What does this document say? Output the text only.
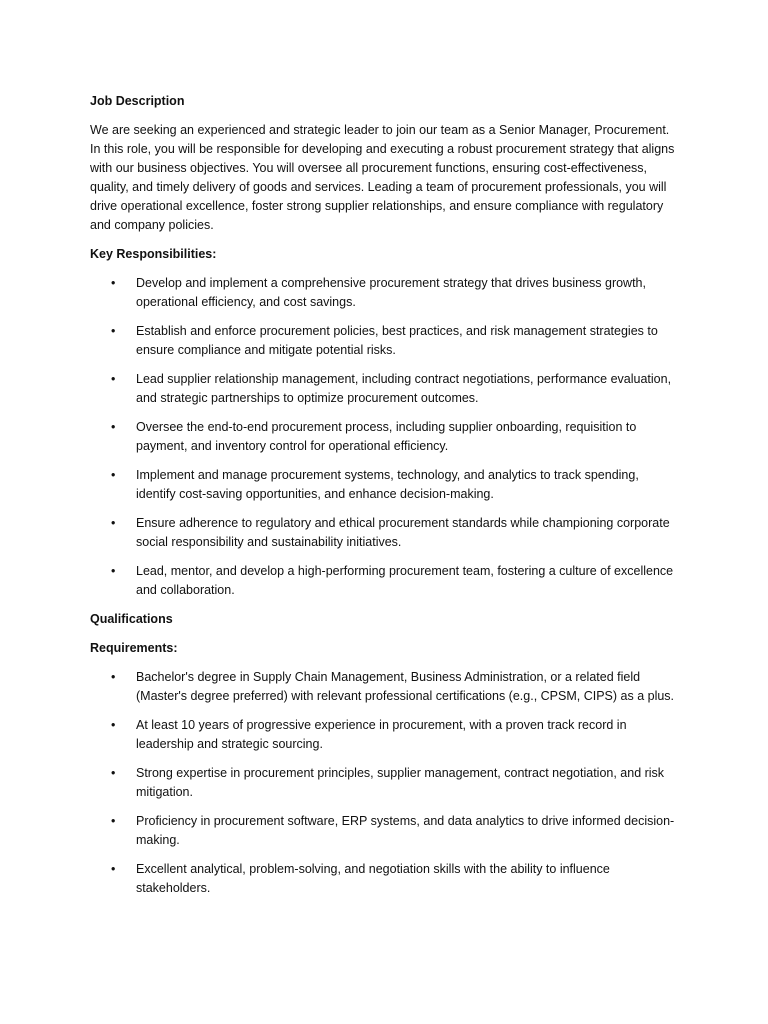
Job Description
We are seeking an experienced and strategic leader to join our team as a Senior Manager, Procurement. In this role, you will be responsible for developing and executing a robust procurement strategy that aligns with our business objectives. You will oversee all procurement functions, ensuring cost-effectiveness, quality, and timely delivery of goods and services. Leading a team of procurement professionals, you will drive operational excellence, foster strong supplier relationships, and ensure compliance with regulatory and company policies.
Key Responsibilities:
• Develop and implement a comprehensive procurement strategy that drives business growth, operational efficiency, and cost savings.
• Establish and enforce procurement policies, best practices, and risk management strategies to ensure compliance and mitigate potential risks.
• Lead supplier relationship management, including contract negotiations, performance evaluation, and strategic partnerships to optimize procurement outcomes.
• Oversee the end-to-end procurement process, including supplier onboarding, requisition to payment, and inventory control for operational efficiency.
• Implement and manage procurement systems, technology, and analytics to track spending, identify cost-saving opportunities, and enhance decision-making.
• Ensure adherence to regulatory and ethical procurement standards while championing corporate social responsibility and sustainability initiatives.
• Lead, mentor, and develop a high-performing procurement team, fostering a culture of excellence and collaboration.
Qualifications
Requirements:
• Bachelor's degree in Supply Chain Management, Business Administration, or a related field (Master's degree preferred) with relevant professional certifications (e.g., CPSM, CIPS) as a plus.
• At least 10 years of progressive experience in procurement, with a proven track record in leadership and strategic sourcing.
• Strong expertise in procurement principles, supplier management, contract negotiation, and risk mitigation.
• Proficiency in procurement software, ERP systems, and data analytics to drive informed decision-making.
• Excellent analytical, problem-solving, and negotiation skills with the ability to influence stakeholders.
